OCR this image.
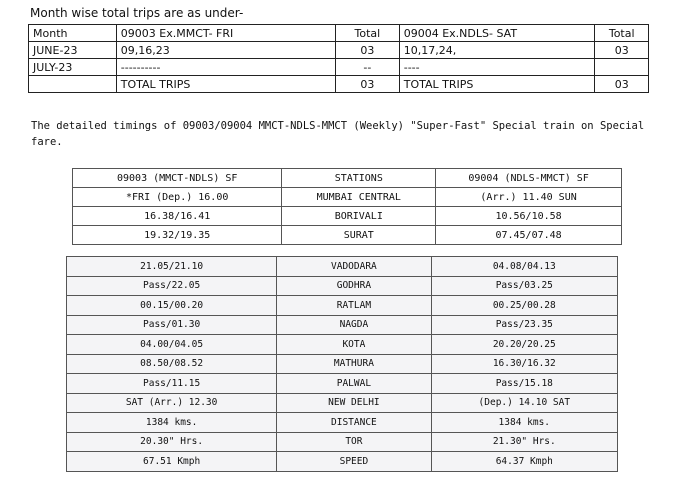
Month wise total trips are as under-
Month	09003 Ex.MMCT- FRI	Total	09004 Ex.NDLS- SAT	Total
JUNE-23	09,16,23	03	10,17,24,	03
JULY-23	----------	--	----	
	TOTAL TRIPS	03	TOTAL TRIPS	03
The detailed timings of 09003/09004 MMCT-NDLS-MMCT (Weekly) "Super-Fast" Special train on Special fare.
09003 (MMCT-NDLS) SF	STATIONS	09004 (NDLS-MMCT) SF
*FRI (Dep.) 16.00	MUMBAI CENTRAL	(Arr.) 11.40 SUN
16.38/16.41	BORIVALI	10.56/10.58
19.32/19.35	SURAT	07.45/07.48
21.05/21.10	VADODARA	04.08/04.13
Pass/22.05	GODHRA	Pass/03.25
00.15/00.20	RATLAM	00.25/00.28
Pass/01.30	NAGDA	Pass/23.35
04.00/04.05	KOTA	20.20/20.25
08.50/08.52	MATHURA	16.30/16.32
Pass/11.15	PALWAL	Pass/15.18
SAT (Arr.) 12.30	NEW DELHI	(Dep.) 14.10 SAT
1384 kms.	DISTANCE	1384 kms.
20.30" Hrs.	TOR	21.30" Hrs.
67.51 Kmph	SPEED	64.37 Kmph
